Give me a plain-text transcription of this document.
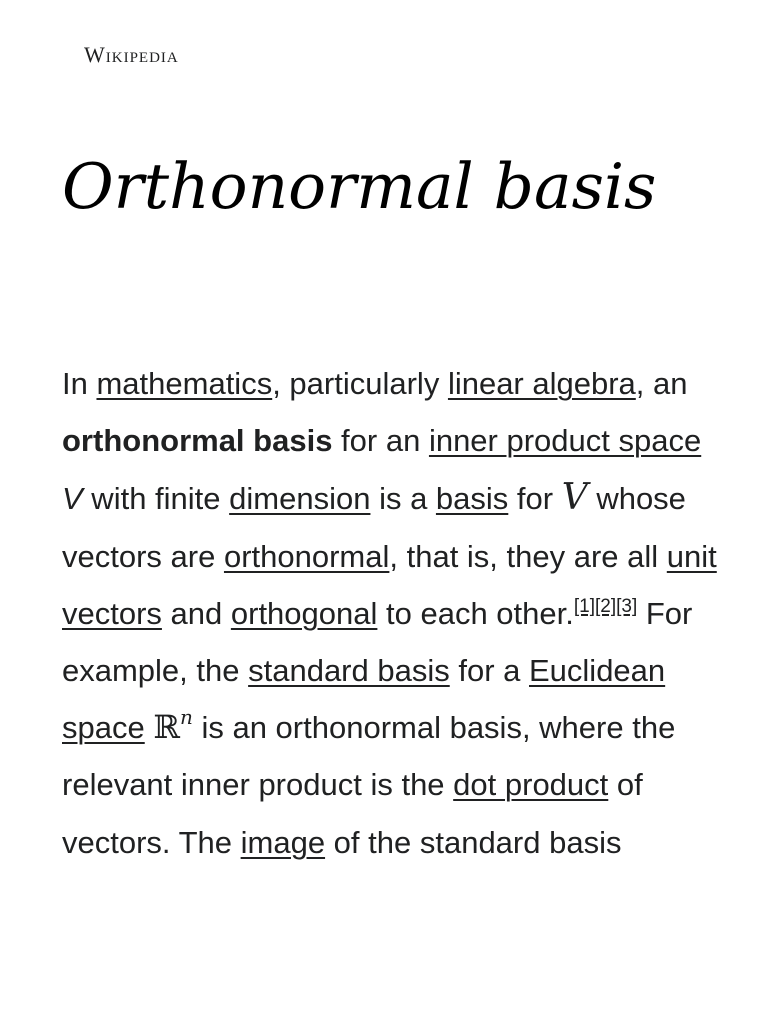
Wikipedia
Orthonormal basis

In mathematics, particularly linear algebra, an orthonormal basis for an inner product space V with finite dimension is a basis for V whose vectors are orthonormal, that is, they are all unit vectors and orthogonal to each other.[1][2][3] For example, the standard basis for a Euclidean space ℝ$^n$ is an orthonormal basis, where the relevant inner product is the dot product of vectors. The image of the standard basis
